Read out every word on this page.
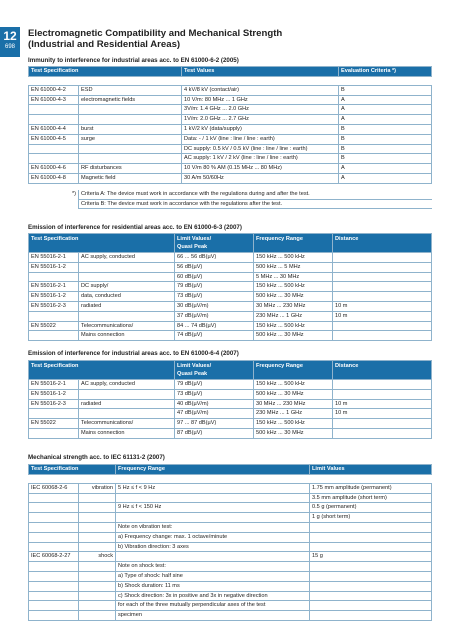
12
698
Electromagnetic Compatibility and Mechanical Strength
(Industrial and Residential Areas)
Immunity to interference for industrial areas acc. to EN 61000-6-2 (2005)
Test Specification		Test Values	Evaluation Criteria *)

EN 61000-4-2	ESD	4 kV/8 kV (contact/air)	B
EN 61000-4-3	electromagnetic fields	10 V/m: 80 MHz ... 1 GHz	A
		3V/m: 1.4 GHz ... 2.0 GHz	A
		1V/m: 2.0 GHz ... 2.7 GHz	A
EN 61000-4-4	burst	1 kV/2 kV (data/supply)	B
EN 61000-4-5	surge	Data: - / 1 kV (line : line / line : earth)	B
		DC supply: 0.5 kV / 0.5 kV (line : line / line : earth)	B
		AC supply: 1 kV / 2 kV (line : line / line : earth)	B
EN 61000-4-6	RF disturbances	10 V/m 80 % AM (0.15 MHz ... 80 MHz)	A
EN 61000-4-8	Magnetic field	30 A/m 50/60Hz	A

*)	Criteria A: The device must work in accordance with the regulations during and after the test.		
	Criteria B: The device must work in accordance with the regulations after the test.		
Emission of interference for residential areas acc. to EN 61000-6-3 (2007)
Test Specification		Limit Values/
Quasi Peak	Frequency Range	Distance
EN 55016-2-1	AC supply, conducted	66 ... 56 dB(µV)	150 kHz ... 500 kHz	
EN 55016-1-2		56 dB(µV)	500 kHz ... 5 MHz	
		60 dB(µV)	5 MHz ... 30 MHz	
EN 55016-2-1	DC supply/	79 dB(µV)	150 kHz ... 500 kHz	
EN 55016-1-2	data, conducted	73 dB(µV)	500 kHz ... 30 MHz	
EN 55016-2-3	radiated	30 dB(µV/m)	30 MHz ... 230 MHz	10 m
		37 dB(µV/m)	230 MHz ... 1 GHz	10 m
EN 55022	Telecommunications/	84 ... 74 dB(µV)	150 kHz ... 500 kHz	
	Mains connection	74 dB(µV)	500 kHz ... 30 MHz	
Emission of interference for industrial areas acc. to EN 61000-6-4 (2007)
Test Specification		Limit Values/
Quasi Peak	Frequency Range	Distance
EN 55016-2-1	AC supply, conducted	79 dB(µV)	150 kHz ... 500 kHz	
EN 55016-1-2		73 dB(µV)	500 kHz ... 30 MHz	
EN 55016-2-3	radiated	40 dB(µV/m)	30 MHz ... 230 MHz	10 m
		47 dB(µV/m)	230 MHz ... 1 GHz	10 m
EN 55022	Telecommunications/	97 ... 87 dB(µV)	150 kHz ... 500 kHz	
	Mains connection	87 dB(µV)	500 kHz ... 30 MHz	
Mechanical strength acc. to IEC 61131-2 (2007)
Test Specification		Frequency Range	Limit Values

IEC 60068-2-6	vibration	5 Hz ≤ f < 9 Hz	1.75 mm amplitude (permanent)
			3.5 mm amplitude (short term)
		9 Hz ≤ f < 150 Hz	0.5 g (permanent)
			1 g (short term)
		Note on vibration test:	
		a) Frequency change: max. 1 octave/minute	
		b) Vibration direction: 3 axes	
IEC 60068-2-27	shock		15 g
		Note on shock test:	
		a) Type of shock: half sine	
		b) Shock duration: 11 ms	
		c) Shock direction: 3x in positive and 3x in negative direction	
		for each of the three mutually perpendicular axes of the test	
		specimen	
